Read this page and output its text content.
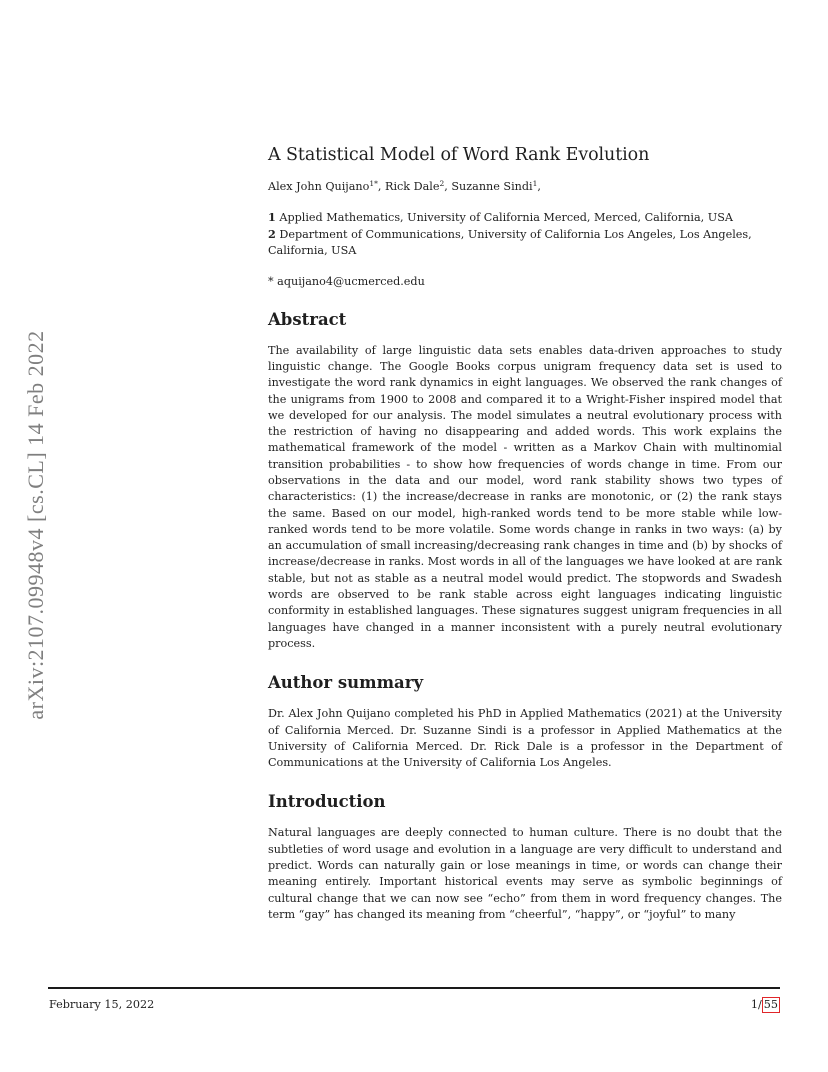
arXiv:2107.09948v4 [cs.CL] 14 Feb 2022
A Statistical Model of Word Rank Evolution
Alex John Quijano$^{1*}$, Rick Dale$^2$, Suzanne Sindi$^1$,
1 Applied Mathematics, University of California Merced, Merced, California, USA
2 Department of Communications, University of California Los Angeles, Los Angeles, California, USA
* aquijano4@ucmerced.edu
Abstract
The availability of large linguistic data sets enables data-driven approaches to study linguistic change. The Google Books corpus unigram frequency data set is used to investigate the word rank dynamics in eight languages. We observed the rank changes of the unigrams from 1900 to 2008 and compared it to a Wright-Fisher inspired model that we developed for our analysis. The model simulates a neutral evolutionary process with the restriction of having no disappearing and added words. This work explains the mathematical framework of the model - written as a Markov Chain with multinomial transition probabilities - to show how frequencies of words change in time. From our observations in the data and our model, word rank stability shows two types of characteristics: (1) the increase/decrease in ranks are monotonic, or (2) the rank stays the same. Based on our model, high-ranked words tend to be more stable while low-ranked words tend to be more volatile. Some words change in ranks in two ways: (a) by an accumulation of small increasing/decreasing rank changes in time and (b) by shocks of increase/decrease in ranks. Most words in all of the languages we have looked at are rank stable, but not as stable as a neutral model would predict. The stopwords and Swadesh words are observed to be rank stable across eight languages indicating linguistic conformity in established languages. These signatures suggest unigram frequencies in all languages have changed in a manner inconsistent with a purely neutral evolutionary process.
Author summary
Dr. Alex John Quijano completed his PhD in Applied Mathematics (2021) at the University of California Merced. Dr. Suzanne Sindi is a professor in Applied Mathematics at the University of California Merced. Dr. Rick Dale is a professor in the Department of Communications at the University of California Los Angeles.
Introduction
Natural languages are deeply connected to human culture. There is no doubt that the subtleties of word usage and evolution in a language are very difficult to understand and predict. Words can naturally gain or lose meanings in time, or words can change their meaning entirely. Important historical events may serve as symbolic beginnings of cultural change that we can now see “echo” from them in word frequency changes. The term “gay” has changed its meaning from “cheerful”, “happy”, or “joyful” to many
February 15, 2022	1/ 55
